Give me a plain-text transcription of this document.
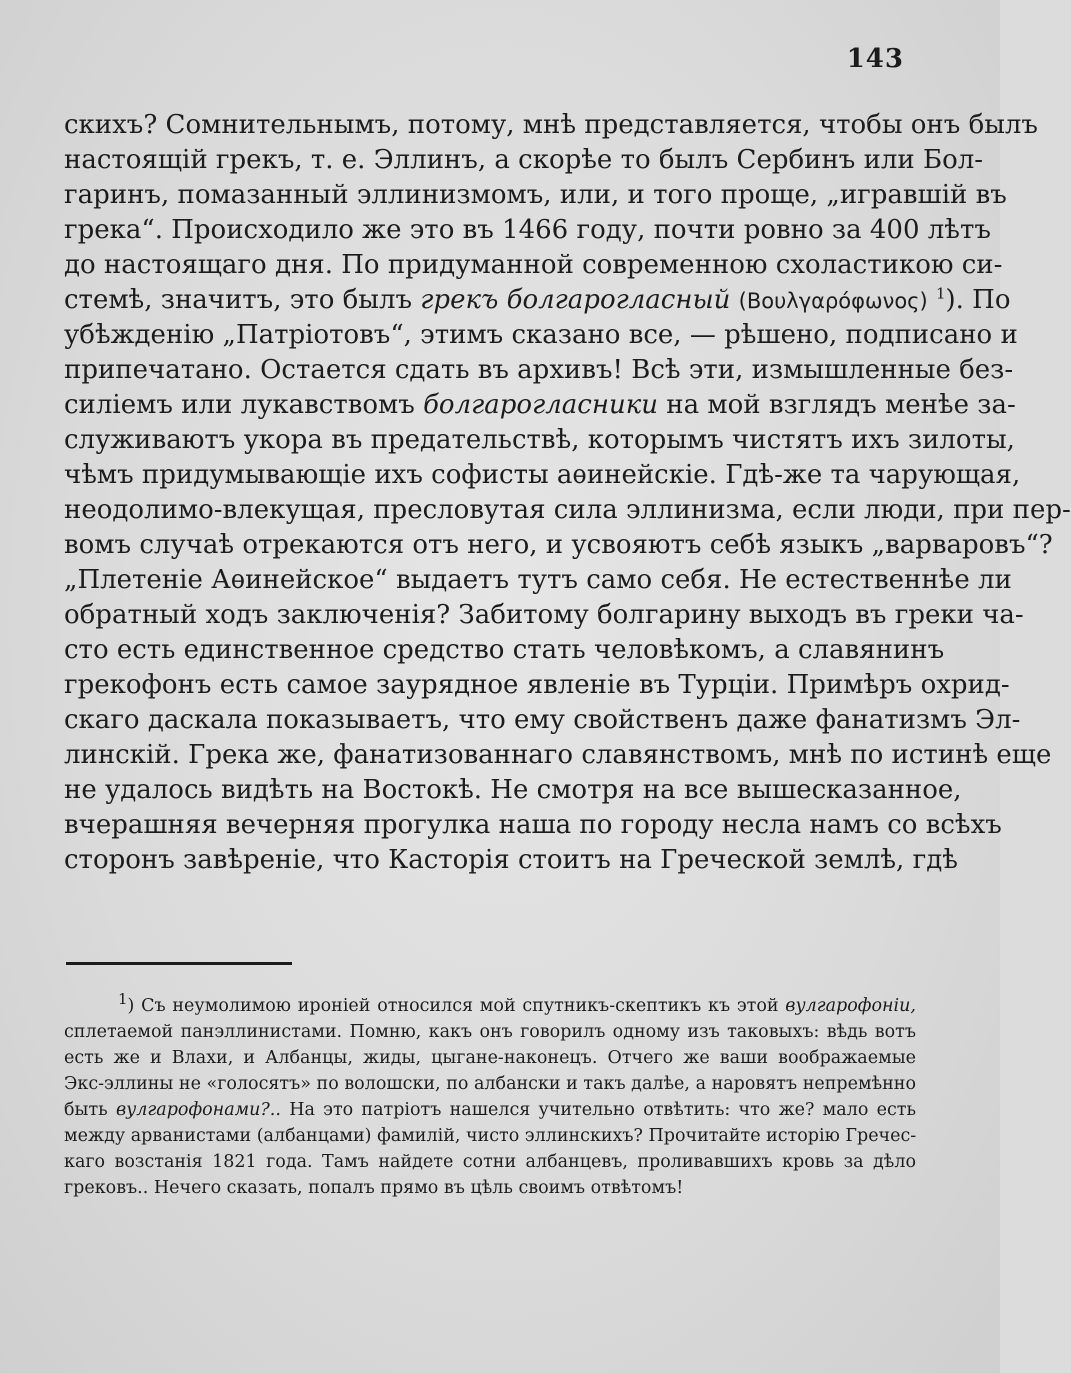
143
скихъ? Сомнительнымъ, потому, мнѣ представляется, чтобы онъ былъ
настоящій грекъ, т. е. Эллинъ, а скорѣе то былъ Сербинъ или Бол-
гаринъ, помазанный эллинизмомъ, или, и того проще, „игравшій въ
грека“. Происходило же это въ 1466 году, почти ровно за 400 лѣтъ
до настоящаго дня. По придуманной современною схоластикою си-
стемѣ, значитъ, это былъ грекъ болгарогласный (Βουλγαρόφωνος) $^1$). По
убѣжденію „Патріотовъ“, этимъ сказано все, — рѣшено, подписано и
припечатано. Остается сдать въ архивъ! Всѣ эти, измышленные без-
силіемъ или лукавствомъ болгарогласники на мой взглядъ менѣе за-
служиваютъ укора въ предательствѣ, которымъ чистятъ ихъ зилоты,
чѣмъ придумывающіе ихъ софисты аѳинейскіе. Гдѣ-же та чарующая,
неодолимо-влекущая, пресловутая сила эллинизма, если люди, при пер-
вомъ случаѣ отрекаются отъ него, и усвояютъ себѣ языкъ „варваровъ“?
„Плетеніе Аѳинейское“ выдаетъ тутъ само себя. Не естественнѣе ли
обратный ходъ заключенія? Забитому болгарину выходъ въ греки ча-
сто есть единственное средство стать человѣкомъ, а славянинъ
грекофонъ есть самое заурядное явленіе въ Турціи. Примѣръ охрид-
скаго даскала показываетъ, что ему свойственъ даже фанатизмъ Эл-
линскій. Грека же, фанатизованнаго славянствомъ, мнѣ по истинѣ еще
не удалось видѣть на Востокѣ. Не смотря на все вышесказанное,
вчерашняя вечерняя прогулка наша по городу несла намъ со всѣхъ
сторонъ завѣреніе, что Касторія стоитъ на Греческой землѣ, гдѣ
$^1$) Съ неумолимою ироніей относился мой спутникъ-скептикъ къ этой вулгарофоніи,
сплетаемой панэллинистами. Помню, какъ онъ говорилъ одному изъ таковыхъ: вѣдь вотъ
есть же и Влахи, и Албанцы, жиды, цыгане-наконецъ. Отчего же ваши воображаемые
Экс-эллины не «голосятъ» по волошски, по албански и такъ далѣе, а наровятъ непремѣнно
быть вулгарофонами?.. На это патріотъ нашелся учительно отвѣтить: что же? мало есть
между арванистами (албанцами) фамилій, чисто эллинскихъ? Прочитайте исторію Гречес-
каго возстанія 1821 года. Тамъ найдете сотни албанцевъ, проливавшихъ кровь за дѣло
грековъ.. Нечего сказать, попалъ прямо въ цѣль своимъ отвѣтомъ!
